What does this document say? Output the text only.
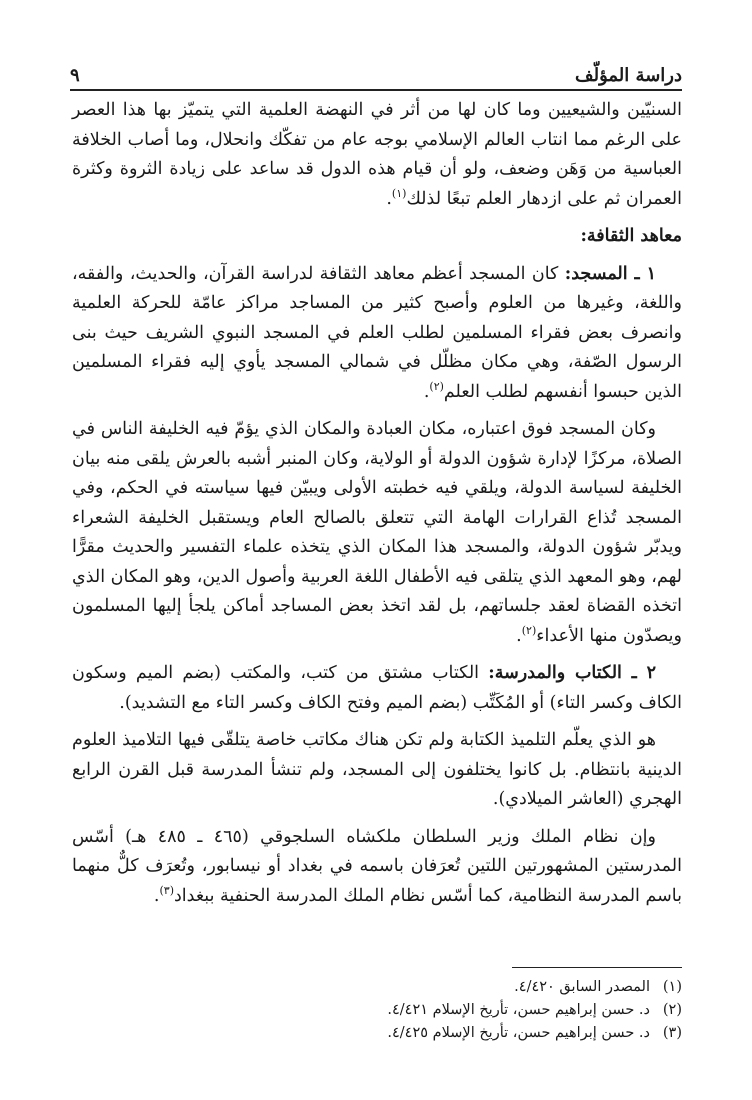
دراسة المؤلّف
٩

السنيّين والشيعيين وما كان لها من أثر في النهضة العلمية التي يتميّز بها هذا العصر على الرغم مما انتاب العالم الإسلامي بوجه عام من تفكّك وانحلال، وما أصاب الخلافة العباسية من وَهَن وضعف، ولو أن قيام هذه الدول قد ساعد على زيادة الثروة وكثرة العمران ثم على ازدهار العلم تبعًا لذلك$^{(١)}$.

معاهد الثقافة:

١ ـ المسجد: كان المسجد أعظم معاهد الثقافة لدراسة القرآن، والحديث، والفقه، واللغة، وغيرها من العلوم وأصبح كثير من المساجد مراكز عامّة للحركة العلمية وانصرف بعض فقراء المسلمين لطلب العلم في المسجد النبوي الشريف حيث بنى الرسول الصّفة، وهي مكان مظلّل في شمالي المسجد يأوي إليه فقراء المسلمين الذين حبسوا أنفسهم لطلب العلم$^{(٢)}$.

وكان المسجد فوق اعتباره، مكان العبادة والمكان الذي يؤمّ فيه الخليفة الناس في الصلاة، مركزًا لإدارة شؤون الدولة أو الولاية، وكان المنبر أشبه بالعرش يلقى منه بيان الخليفة لسياسة الدولة، ويلقي فيه خطبته الأولى ويبيّن فيها سياسته في الحكم، وفي المسجد تُذاع القرارات الهامة التي تتعلق بالصالح العام ويستقبل الخليفة الشعراء ويدبّر شؤون الدولة، والمسجد هذا المكان الذي يتخذه علماء التفسير والحديث مقرًّا لهم، وهو المعهد الذي يتلقى فيه الأطفال اللغة العربية وأصول الدين، وهو المكان الذي اتخذه القضاة لعقد جلساتهم، بل لقد اتخذ بعض المساجد أماكن يلجأ إليها المسلمون ويصدّون منها الأعداء$^{(٢)}$.

٢ ـ الكتاب والمدرسة: الكتاب مشتق من كتب، والمكتب (بضم الميم وسكون الكاف وكسر التاء) أو المُكَتِّب (بضم الميم وفتح الكاف وكسر التاء مع التشديد).

هو الذي يعلّم التلميذ الكتابة ولم تكن هناك مكاتب خاصة يتلقّى فيها التلاميذ العلوم الدينية بانتظام. بل كانوا يختلفون إلى المسجد، ولم تنشأ المدرسة قبل القرن الرابع الهجري (العاشر الميلادي).

وإن نظام الملك وزير السلطان ملكشاه السلجوقي (٤٦٥ ـ ٤٨٥ هـ) أسّس المدرستين المشهورتين اللتين تُعرَفان باسمه في بغداد أو نيسابور، وتُعرَف كلٌّ منهما باسم المدرسة النظامية، كما أسّس نظام الملك المدرسة الحنفية ببغداد$^{(٣)}$.

(١)
المصدر السابق ٤/٤٢٠.
(٢)
د. حسن إبراهيم حسن، تأريخ الإسلام ٤/٤٢١.
(٣)
د. حسن إبراهيم حسن، تأريخ الإسلام ٤/٤٢٥.
